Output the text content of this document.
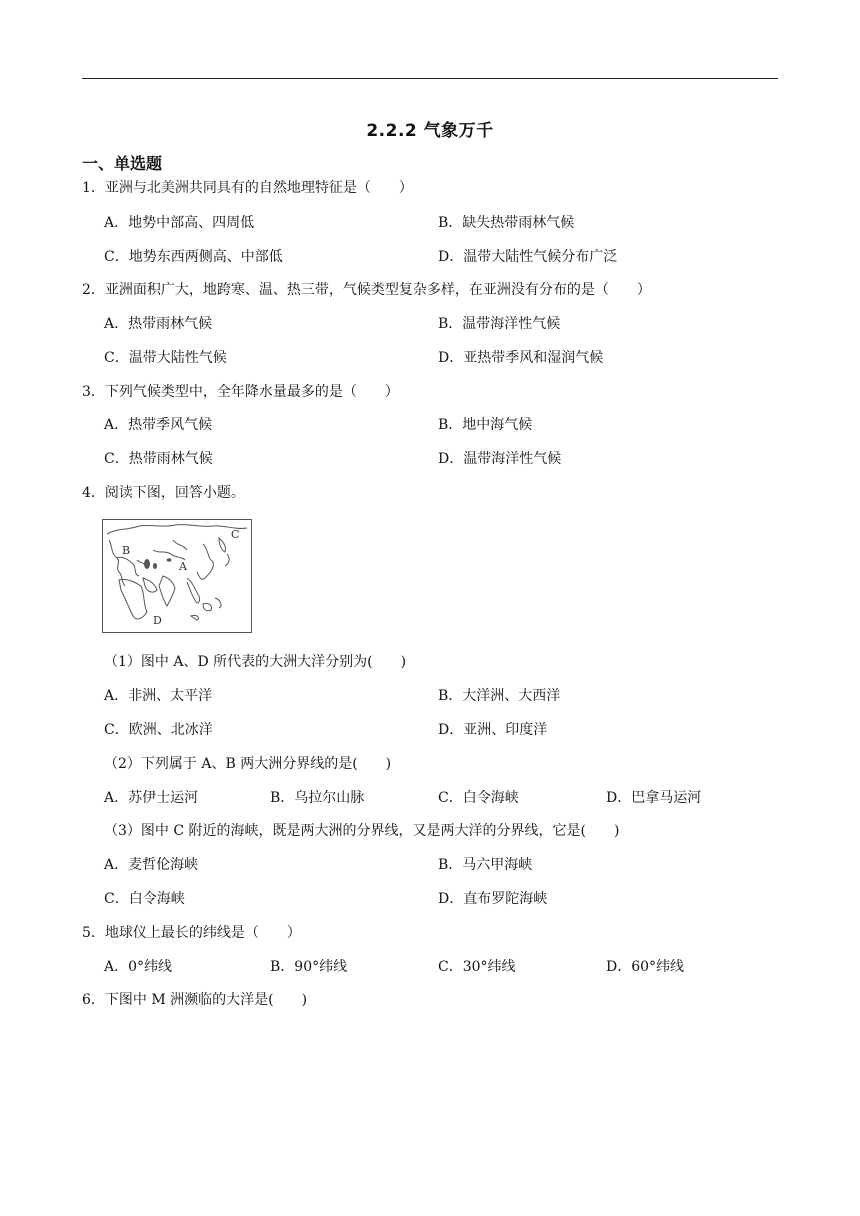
2.2.2 气象万千
一、单选题
1．亚洲与北美洲共同具有的自然地理特征是（　　）
A．地势中部高、四周低	B．缺失热带雨林气候
C．地势东西两侧高、中部低	D．温带大陆性气候分布广泛
2．亚洲面积广大，地跨寒、温、热三带，气候类型复杂多样，在亚洲没有分布的是（　　）
A．热带雨林气候	B．温带海洋性气候
C．温带大陆性气候	D．亚热带季风和湿润气候
3．下列气候类型中，全年降水量最多的是（　　）
A．热带季风气候	B．地中海气候
C．热带雨林气候	D．温带海洋性气候
4．阅读下图，回答小题。
B
A
C
D
（1）图中 A、D 所代表的大洲大洋分别为(　　)
A．非洲、太平洋	B．大洋洲、大西洋
C．欧洲、北冰洋	D．亚洲、印度洋
（2）下列属于 A、B 两大洲分界线的是(　　)
A．苏伊士运河	B．乌拉尔山脉	C．白令海峡	D．巴拿马运河
（3）图中 C 附近的海峡，既是两大洲的分界线，又是两大洋的分界线，它是(　　)
A．麦哲伦海峡	B．马六甲海峡
C．白令海峡	D．直布罗陀海峡
5．地球仪上最长的纬线是（　　）
A．0°纬线	B．90°纬线	C．30°纬线	D．60°纬线
6．下图中 M 洲濒临的大洋是(　　)
